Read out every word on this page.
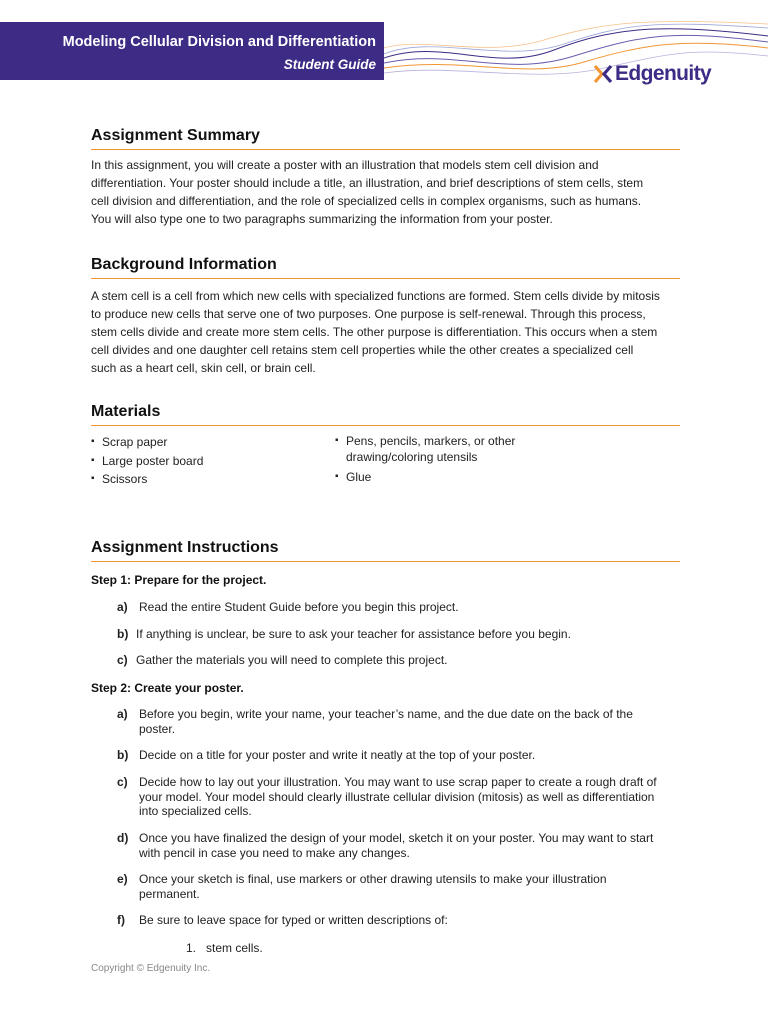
Modeling Cellular Division and Differentiation
Student Guide	Edgenuity
Assignment Summary

In this assignment, you will create a poster with an illustration that models stem cell division and differentiation. Your poster should include a title, an illustration, and brief descriptions of stem cells, stem cell division and differentiation, and the role of specialized cells in complex organisms, such as humans. You will also type one to two paragraphs summarizing the information from your poster.

Background Information

A stem cell is a cell from which new cells with specialized functions are formed. Stem cells divide by mitosis to produce new cells that serve one of two purposes. One purpose is self-renewal. Through this process, stem cells divide and create more stem cells. The other purpose is differentiation. This occurs when a stem cell divides and one daughter cell retains stem cell properties while the other creates a specialized cell such as a heart cell, skin cell, or brain cell.

Materials
▪ Scrap paper
▪ Large poster board
▪ Scissors
▪ Pens, pencils, markers, or other drawing/coloring utensils
▪ Glue
Assignment Instructions
Step 1: Prepare for the project.
a) Read the entire Student Guide before you begin this project.
b) If anything is unclear, be sure to ask your teacher for assistance before you begin.
c) Gather the materials you will need to complete this project.
Step 2: Create your poster.
a) Before you begin, write your name, your teacher’s name, and the due date on the back of the poster.
b) Decide on a title for your poster and write it neatly at the top of your poster.
c) Decide how to lay out your illustration. You may want to use scrap paper to create a rough draft of your model. Your model should clearly illustrate cellular division (mitosis) as well as differentiation into specialized cells.
d) Once you have finalized the design of your model, sketch it on your poster. You may want to start with pencil in case you need to make any changes.
e) Once your sketch is final, use markers or other drawing utensils to make your illustration permanent.
f) Be sure to leave space for typed or written descriptions of:
1.   stem cells.
Copyright © Edgenuity Inc.
